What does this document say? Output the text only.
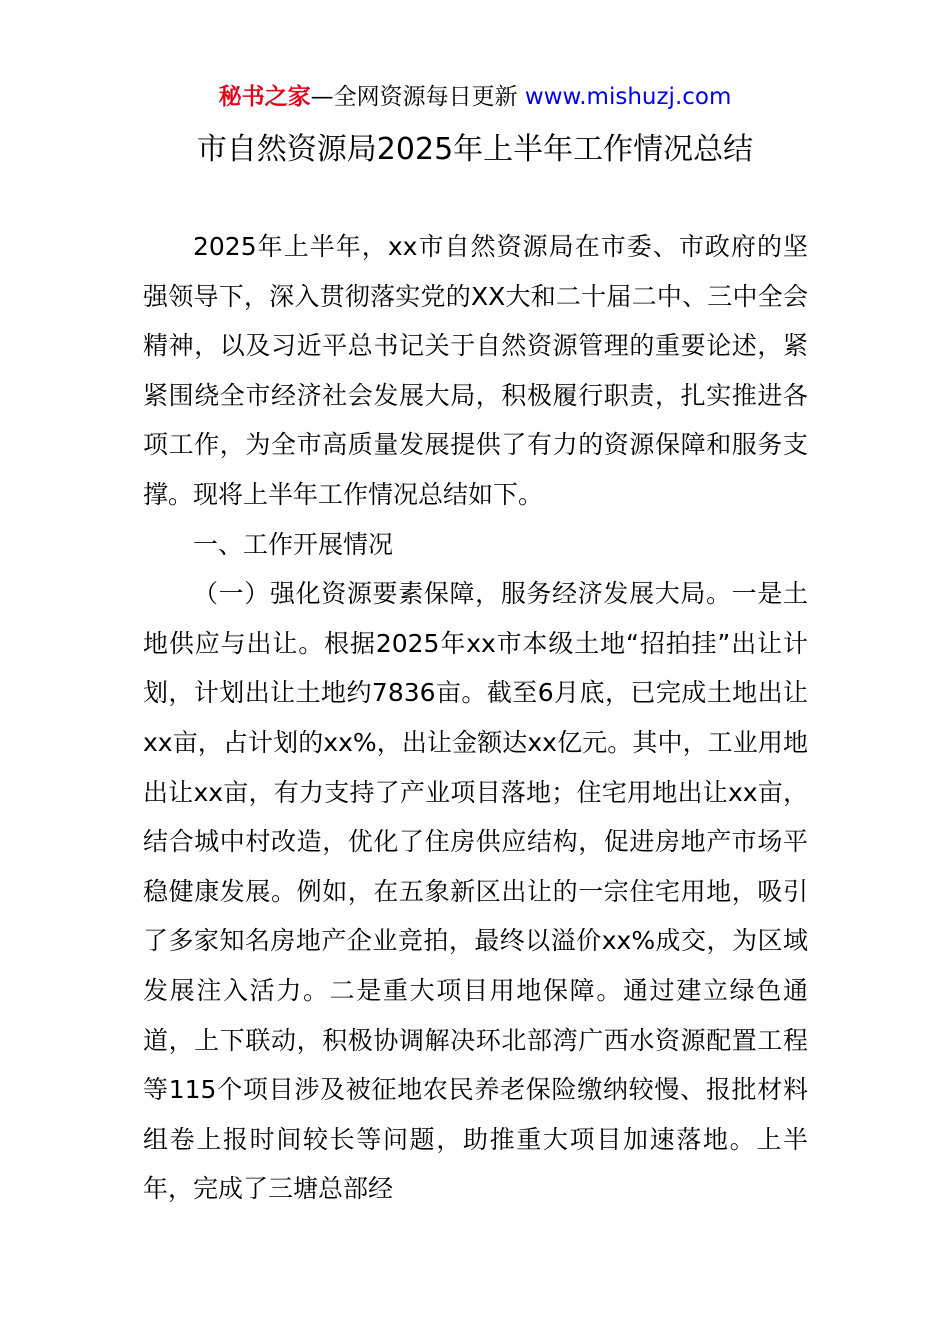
秘书之家—全网资源每日更新 www.mishuzj.com
市自然资源局2025年上半年工作情况总结

2025年上半年，xx市自然资源局在市委、市政府的坚强领导下，深入贯彻落实党的XX大和二十届二中、三中全会精神，以及习近平总书记关于自然资源管理的重要论述，紧紧围绕全市经济社会发展大局，积极履行职责，扎实推进各项工作，为全市高质量发展提供了有力的资源保障和服务支撑。现将上半年工作情况总结如下。

一、工作开展情况

（一）强化资源要素保障，服务经济发展大局。一是土地供应与出让。根据2025年xx市本级土地“招拍挂”出让计划，计划出让土地约7836亩。截至6月底，已完成土地出让xx亩，占计划的xx%，出让金额达xx亿元。其中，工业用地出让xx亩，有力支持了产业项目落地；住宅用地出让xx亩，结合城中村改造，优化了住房供应结构，促进房地产市场平稳健康发展。例如，在五象新区出让的一宗住宅用地，吸引了多家知名房地产企业竞拍，最终以溢价xx%成交，为区域发展注入活力。二是重大项目用地保障。通过建立绿色通道，上下联动，积极协调解决环北部湾广西水资源配置工程等115个项目涉及被征地农民养老保险缴纳较慢、报批材料组卷上报时间较长等问题，助推重大项目加速落地。上半年，完成了三塘总部经
